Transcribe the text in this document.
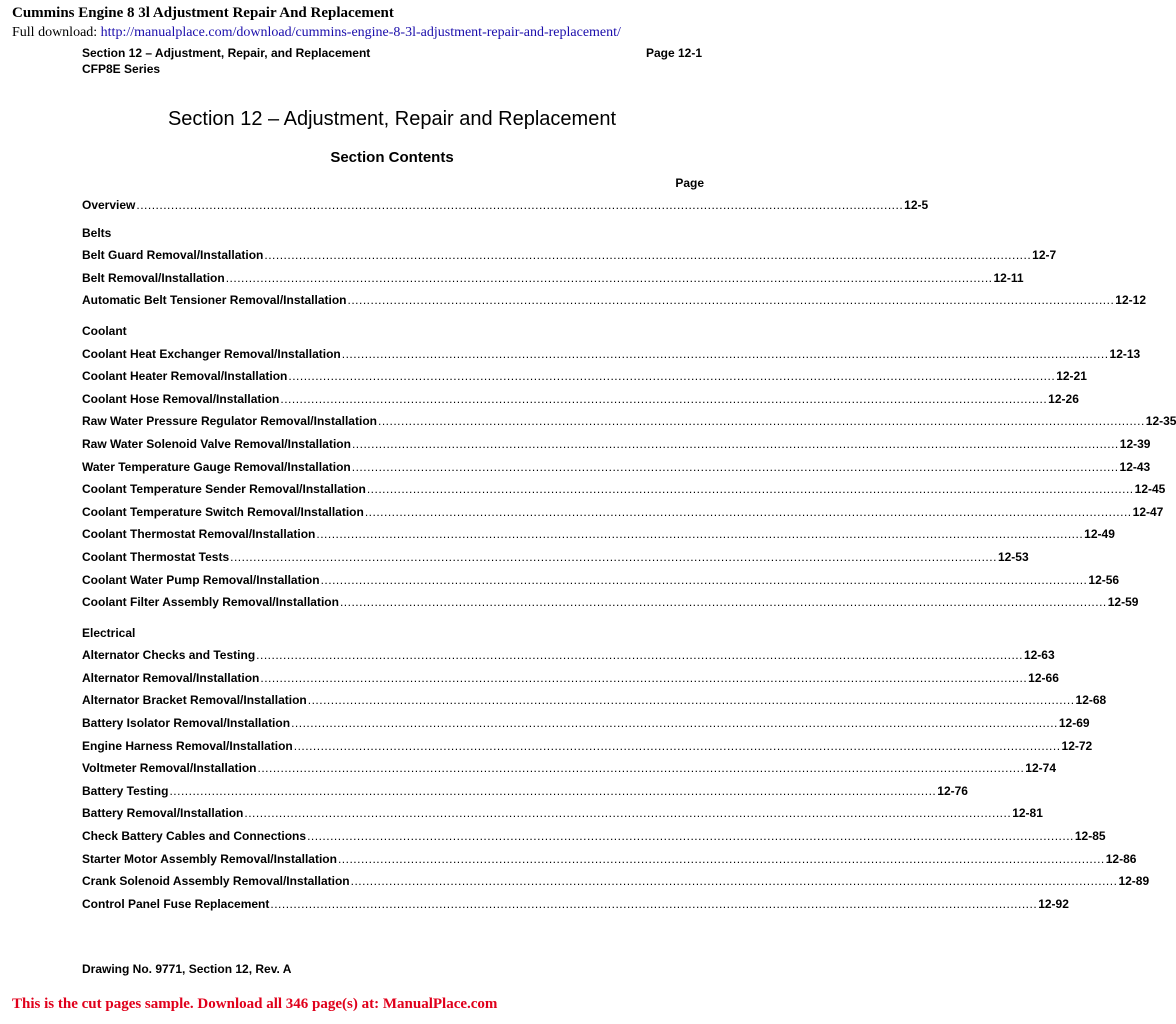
Cummins Engine 8 3l Adjustment Repair And Replacement
Full download: http://manualplace.com/download/cummins-engine-8-3l-adjustment-repair-and-replacement/
Section 12 – Adjustment, Repair, and Replacement
CFP8E Series
Page 12-1
Section 12 – Adjustment, Repair and Replacement
Section Contents
Page
Overview ........................................................................................................................................................................................................ 12-5
Belts
Belt Guard Removal/Installation ........................................................................................................................................................................................................ 12-7
Belt Removal/Installation ........................................................................................................................................................................................................ 12-11
Automatic Belt Tensioner Removal/Installation ........................................................................................................................................................................................................ 12-12
Coolant
Coolant Heat Exchanger Removal/Installation ........................................................................................................................................................................................................ 12-13
Coolant Heater Removal/Installation ........................................................................................................................................................................................................ 12-21
Coolant Hose Removal/Installation ........................................................................................................................................................................................................ 12-26
Raw Water Pressure Regulator Removal/Installation ........................................................................................................................................................................................................ 12-35
Raw Water Solenoid Valve Removal/Installation ........................................................................................................................................................................................................ 12-39
Water Temperature Gauge Removal/Installation ........................................................................................................................................................................................................ 12-43
Coolant Temperature Sender Removal/Installation ........................................................................................................................................................................................................ 12-45
Coolant Temperature Switch Removal/Installation ........................................................................................................................................................................................................ 12-47
Coolant Thermostat Removal/Installation ........................................................................................................................................................................................................ 12-49
Coolant Thermostat Tests ........................................................................................................................................................................................................ 12-53
Coolant Water Pump Removal/Installation ........................................................................................................................................................................................................ 12-56
Coolant Filter Assembly Removal/Installation ........................................................................................................................................................................................................ 12-59
Electrical
Alternator Checks and Testing ........................................................................................................................................................................................................ 12-63
Alternator Removal/Installation ........................................................................................................................................................................................................ 12-66
Alternator Bracket Removal/Installation ........................................................................................................................................................................................................ 12-68
Battery Isolator Removal/Installation ........................................................................................................................................................................................................ 12-69
Engine Harness Removal/Installation ........................................................................................................................................................................................................ 12-72
Voltmeter Removal/Installation ........................................................................................................................................................................................................ 12-74
Battery Testing ........................................................................................................................................................................................................ 12-76
Battery Removal/Installation ........................................................................................................................................................................................................ 12-81
Check Battery Cables and Connections ........................................................................................................................................................................................................ 12-85
Starter Motor Assembly Removal/Installation ........................................................................................................................................................................................................ 12-86
Crank Solenoid Assembly Removal/Installation ........................................................................................................................................................................................................ 12-89
Control Panel Fuse Replacement ........................................................................................................................................................................................................ 12-92
Drawing No. 9771, Section 12, Rev. A
This is the cut pages sample. Download all 346 page(s) at: ManualPlace.com
